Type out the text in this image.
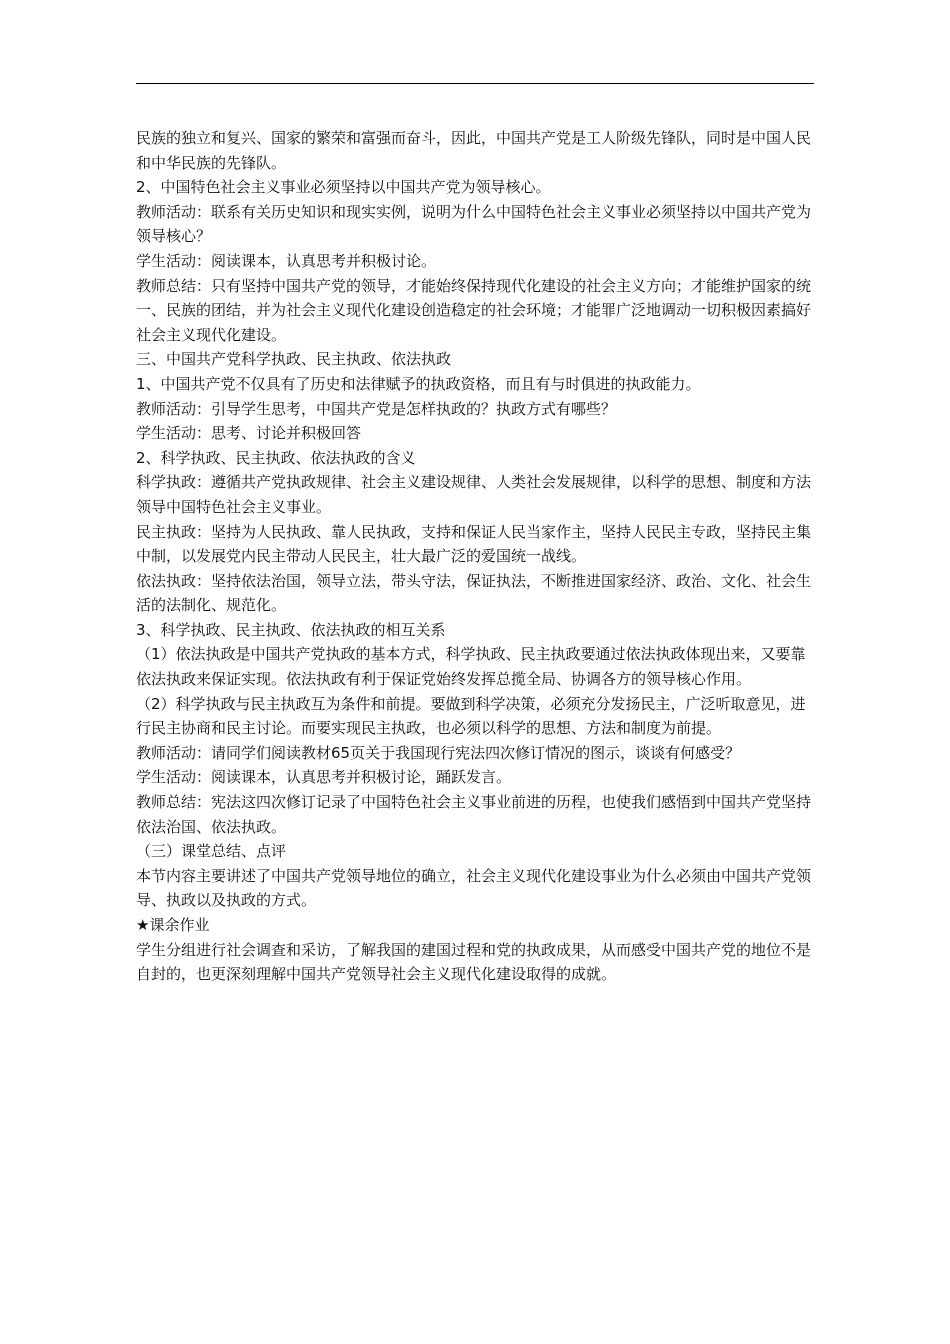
民族的独立和复兴、国家的繁荣和富强而奋斗，因此，中国共产党是工人阶级先锋队，同时是中国人民和中华民族的先锋队。

2、中国特色社会主义事业必须坚持以中国共产党为领导核心。

教师活动：联系有关历史知识和现实实例，说明为什么中国特色社会主义事业必须坚持以中国共产党为领导核心？

学生活动：阅读课本，认真思考并积极讨论。

教师总结：只有坚持中国共产党的领导，才能始终保持现代化建设的社会主义方向；才能维护国家的统一、民族的团结，并为社会主义现代化建设创造稳定的社会环境；才能罪广泛地调动一切积极因素搞好社会主义现代化建设。

三、中国共产党科学执政、民主执政、依法执政

1、中国共产党不仅具有了历史和法律赋予的执政资格，而且有与时俱进的执政能力。

教师活动：引导学生思考，中国共产党是怎样执政的？执政方式有哪些？

学生活动：思考、讨论并积极回答

2、科学执政、民主执政、依法执政的含义

科学执政：遵循共产党执政规律、社会主义建设规律、人类社会发展规律，以科学的思想、制度和方法领导中国特色社会主义事业。

民主执政：坚持为人民执政、靠人民执政，支持和保证人民当家作主，坚持人民民主专政，坚持民主集中制，以发展党内民主带动人民民主，壮大最广泛的爱国统一战线。

依法执政：坚持依法治国，领导立法，带头守法，保证执法，不断推进国家经济、政治、文化、社会生活的法制化、规范化。

3、科学执政、民主执政、依法执政的相互关系

（1）依法执政是中国共产党执政的基本方式，科学执政、民主执政要通过依法执政体现出来，又要靠依法执政来保证实现。依法执政有利于保证党始终发挥总揽全局、协调各方的领导核心作用。

（2）科学执政与民主执政互为条件和前提。要做到科学决策，必须充分发扬民主，广泛听取意见，进行民主协商和民主讨论。而要实现民主执政，也必须以科学的思想、方法和制度为前提。

教师活动：请同学们阅读教材65页关于我国现行宪法四次修订情况的图示，谈谈有何感受？

学生活动：阅读课本，认真思考并积极讨论，踊跃发言。

教师总结：宪法这四次修订记录了中国特色社会主义事业前进的历程，也使我们感悟到中国共产党坚持依法治国、依法执政。

（三）课堂总结、点评

本节内容主要讲述了中国共产党领导地位的确立，社会主义现代化建设事业为什么必须由中国共产党领导、执政以及执政的方式。

★课余作业

学生分组进行社会调查和采访，了解我国的建国过程和党的执政成果，从而感受中国共产党的地位不是自封的，也更深刻理解中国共产党领导社会主义现代化建设取得的成就。
